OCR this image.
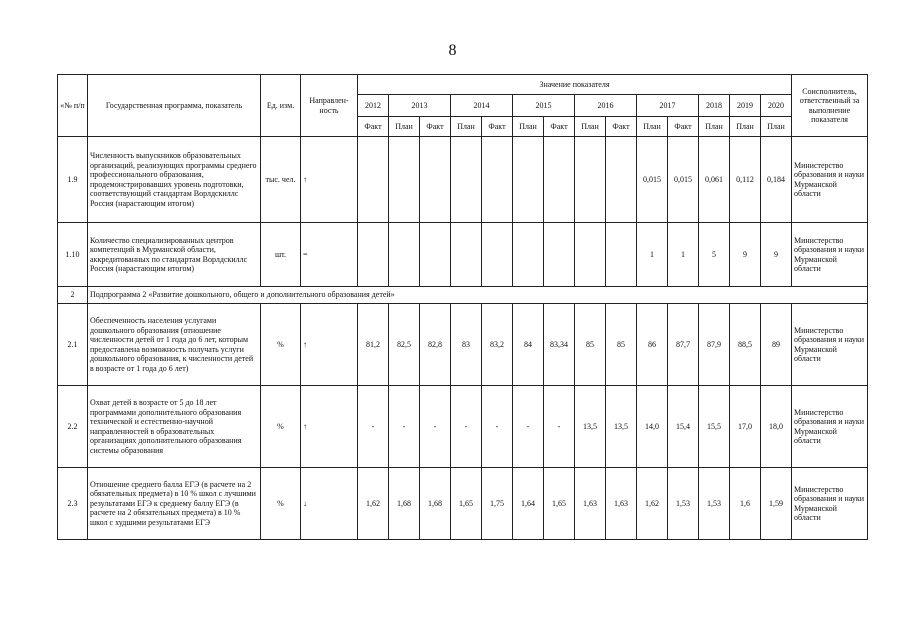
8
«№ п/п	Государственная программа, показатель	Ед. изм.	Направлен-ность	Значение показателя														Соисполнитель, ответственный за выполнение показателя
				2012	2013		2014		2015		2016		2017		2018	2019	2020	
				Факт	План	Факт	План	Факт	План	Факт	План	Факт	План	Факт	План	План	План	
1.9	Численность выпускников образовательных организаций, реализующих программы среднего профессионального образования, продемонстрировавших уровень подготовки, соответствующий стандартам Ворлдскиллс Россия (нарастающим итогом)	тыс. чел.	↑										0,015	0,015	0,061	0,112	0,184	Министерство образования и науки Мурманской области
1.10	Количество специализированных центров компетенций в Мурманской области, аккредитованных по стандартам Ворлдскиллс Россия (нарастающим итогом)	шт.	=										1	1	5	9	9	Министерство образования и науки Мурманской области
2	Подпрограмма 2 «Развитие дошкольного, общего и дополнительного образования детей»																	
2.1	Обеспеченность населения услугами дошкольного образования (отношение численности детей от 1 года до 6 лет, которым предоставлена возможность получать услуги дошкольного образования, к численности детей в возрасте от 1 года до 6 лет)	%	↑	81,2	82,5	82,8	83	83,2	84	83,34	85	85	86	87,7	87,9	88,5	89	Министерство образования и науки Мурманской области
2.2	Охват детей в возрасте от 5 до 18 лет программами дополнительного образования технической и естественно-научной направленностей в образовательных организациях дополнительного образования системы образования	%	↑	-	-	-	-	-	-	-	13,5	13,5	14,0	15,4	15,5	17,0	18,0	Министерство образования и науки Мурманской области
2.3	Отношение среднего балла ЕГЭ (в расчете на 2 обязательных предмета) в 10 % школ с лучшими результатами ЕГЭ к среднему баллу ЕГЭ (в расчете на 2 обязательных предмета) в 10 % школ с худшими результатами ЕГЭ	%	↓	1,62	1,68	1,68	1,65	1,75	1,64	1,65	1,63	1,63	1,62	1,53	1,53	1,6	1,59	Министерство образования и науки Мурманской области
